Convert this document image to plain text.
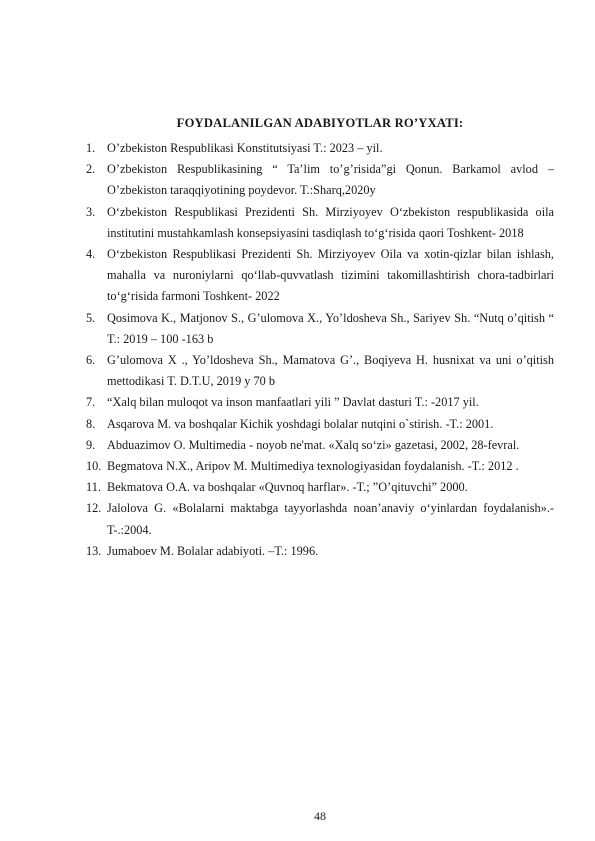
FOYDALANILGAN ADABIYOTLAR RO’YXATI:
1. O’zbekiston Respublikasi Konstitutsiyasi T.: 2023 – yil.
2. O’zbekiston Respublikasining “ Ta’lim to’g’risida”gi Qonun. Barkamol avlod – O’zbekiston taraqqiyotining poydevor. T.:Sharq,2020y
3. O‘zbekiston Respublikasi Prezidenti Sh. Mirziyoyev O‘zbekiston respublikasida oila institutini mustahkamlash konsepsiyasini tasdiqlash to‘g‘risida qaori Toshkent- 2018
4. O‘zbekiston Respublikasi Prezidenti Sh. Mirziyoyev Oila va xotin-qizlar bilan ishlash, mahalla va nuroniylarni qo‘llab-quvvatlash tizimini takomillashtirish chora-tadbirlari to‘g‘risida farmoni Toshkent- 2022
5. Qosimova K., Matjonov S., G’ulomova X., Yo’ldosheva Sh., Sariyev Sh. “Nutq o’qitish “ T.: 2019 – 100 -163 b
6. G’ulomova X ., Yo’ldosheva Sh., Mamatova G’., Boqiyeva H. husnixat va uni o’qitish mettodikasi T. D.T.U, 2019 y 70 b
7. “Xalq bilan muloqot va inson manfaatlari yili ” Davlat dasturi T.: -2017 yil.
8. Asqarova M. va boshqalar Kichik yoshdagi bolalar nutqini o`stirish. -T.: 2001.
9. Abduazimov O. Multimedia - noyob ne'mat. «Xalq so‘zi» gazetasi, 2002, 28-fevral.
10. Begmatova N.X., Aripov M. Multimediya texnologiyasidan foydalanish. -T.: 2012 .
11. Bekmatova O.A. va boshqalar «Quvnoq harflar». -T.; ”O’qituvchi” 2000.
12. Jalolova G. «Bolalarni maktabga tayyorlashda noan’anaviy o‘yinlardan foydalanish».- T-.:2004.
13. Jumaboev M. Bolalar adabiyoti. –T.: 1996.
48
